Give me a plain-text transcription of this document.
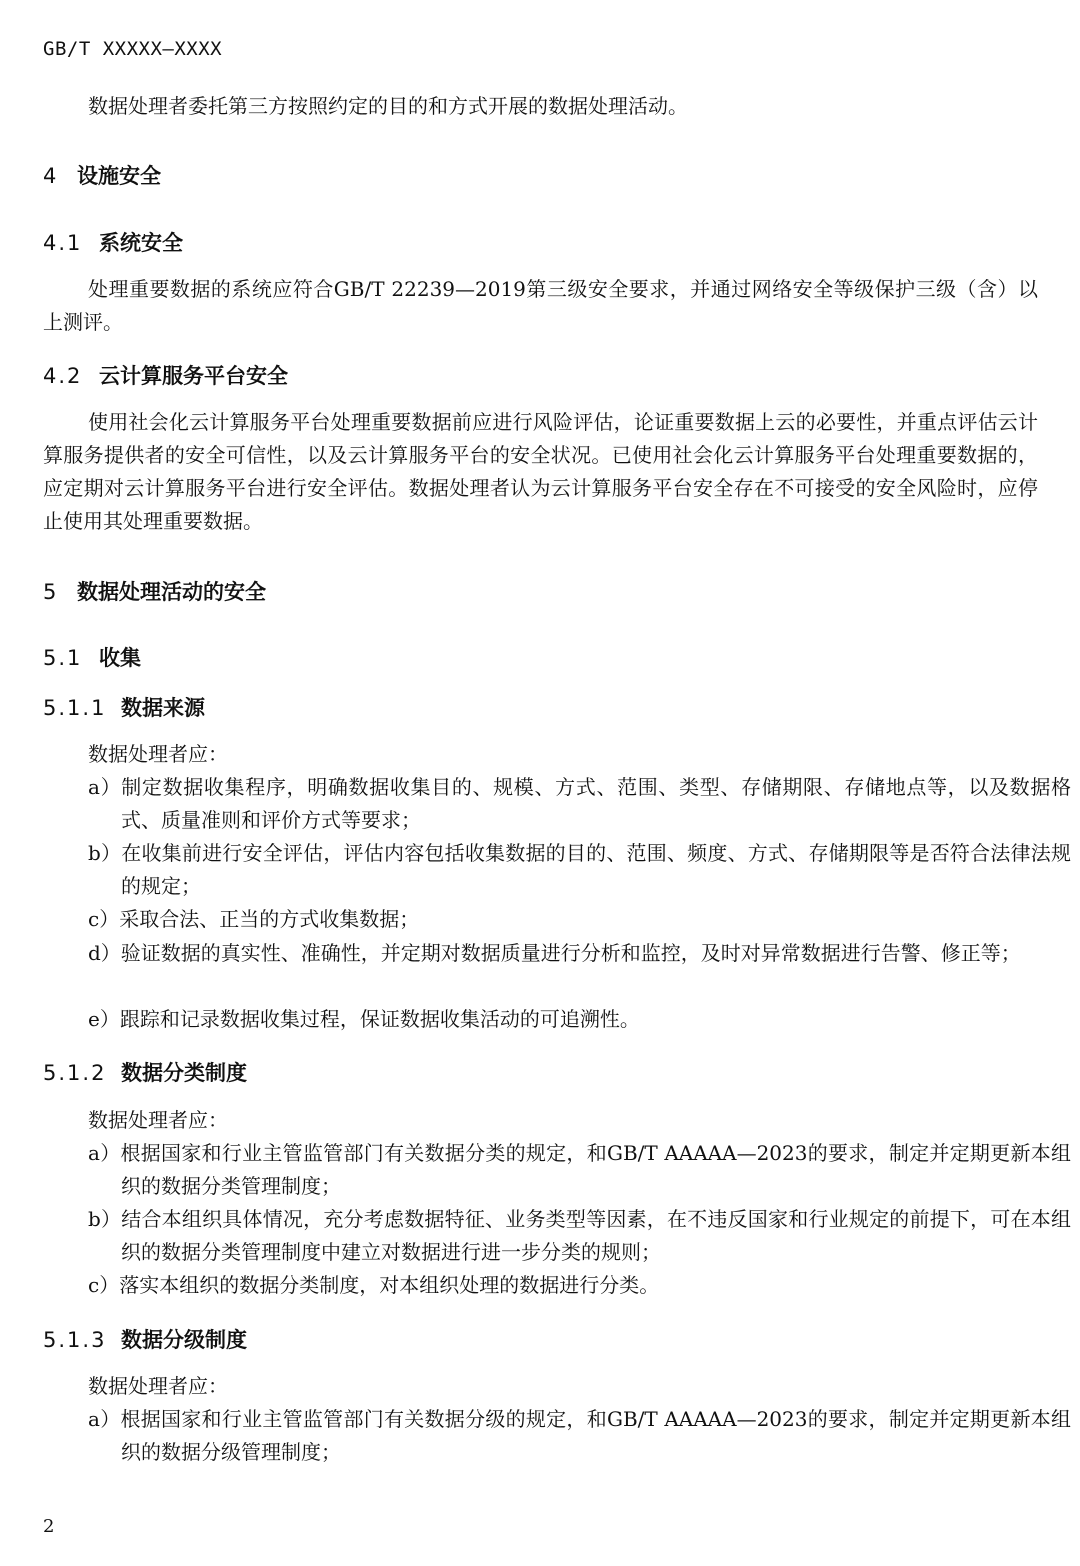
GB/T XXXXX—XXXX
数据处理者委托第三方按照约定的目的和方式开展的数据处理活动。
4 设施安全
4.1 系统安全
处理重要数据的系统应符合GB/T 22239—2019第三级安全要求，并通过网络安全等级保护三级（含）以上测评。
4.2 云计算服务平台安全
使用社会化云计算服务平台处理重要数据前应进行风险评估，论证重要数据上云的必要性，并重点评估云计算服务提供者的安全可信性，以及云计算服务平台的安全状况。已使用社会化云计算服务平台处理重要数据的，应定期对云计算服务平台进行安全评估。数据处理者认为云计算服务平台安全存在不可接受的安全风险时，应停止使用其处理重要数据。
5 数据处理活动的安全
5.1 收集
5.1.1 数据来源
数据处理者应：
a）制定数据收集程序，明确数据收集目的、规模、方式、范围、类型、存储期限、存储地点等，以及数据格式、质量准则和评价方式等要求；
b）在收集前进行安全评估，评估内容包括收集数据的目的、范围、频度、方式、存储期限等是否符合法律法规的规定；
c）采取合法、正当的方式收集数据；
d）验证数据的真实性、准确性，并定期对数据质量进行分析和监控，及时对异常数据进行告警、修正等；
e）跟踪和记录数据收集过程，保证数据收集活动的可追溯性。
5.1.2 数据分类制度
数据处理者应：
a）根据国家和行业主管监管部门有关数据分类的规定，和GB/T AAAAA—2023的要求，制定并定期更新本组织的数据分类管理制度；
b）结合本组织具体情况，充分考虑数据特征、业务类型等因素，在不违反国家和行业规定的前提下，可在本组织的数据分类管理制度中建立对数据进行进一步分类的规则；
c）落实本组织的数据分类制度，对本组织处理的数据进行分类。
5.1.3 数据分级制度
数据处理者应：
a）根据国家和行业主管监管部门有关数据分级的规定，和GB/T AAAAA—2023的要求，制定并定期更新本组织的数据分级管理制度；
2
